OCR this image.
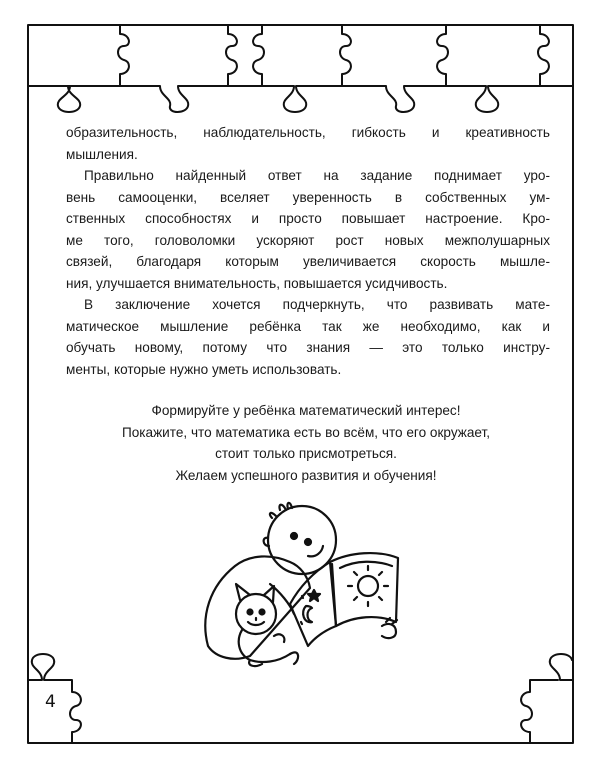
образительность, наблюдательность, гибкость и креативность
мышления.

Правильно найденный ответ на задание поднимает уро-
вень самооценки, вселяет уверенность в собственных ум-
ственных способностях и просто повышает настроение. Кро-
ме того, головоломки ускоряют рост новых межполушарных
связей, благодаря которым увеличивается скорость мышле-
ния, улучшается внимательность, повышается усидчивость.

В заключение хочется подчеркнуть, что развивать мате-
матическое мышление ребёнка так же необходимо, как и
обучать новому, потому что знания — это только инстру-
менты, которые нужно уметь использовать.

Формируйте у ребёнка математический интерес!
Покажите, что математика есть во всём, что его окружает,
стоит только присмотреться.
Желаем успешного развития и обучения!
4
